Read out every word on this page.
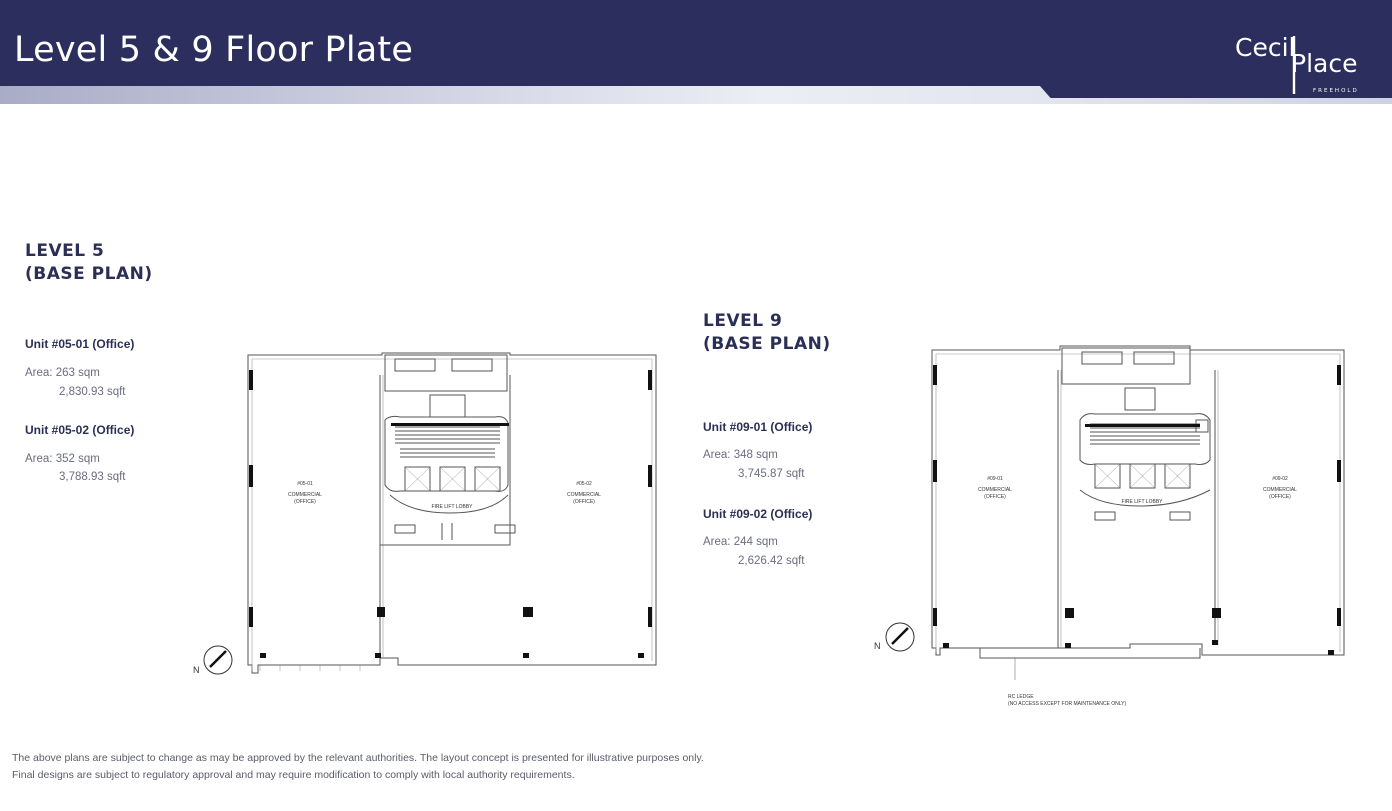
Level 5 & 9 Floor Plate	Cecil
Place
FREEHOLD
LEVEL 5
(BASE PLAN)
Unit #05-01 (Office)
Area: 263 sqm
2,830.93 sqft
Unit #05-02 (Office)
Area: 352 sqm
3,788.93 sqft
LEVEL 9
(BASE PLAN)
Unit #09-01 (Office)
Area: 348 sqm
3,745.87 sqft
Unit #09-02 (Office)
Area: 244 sqm
2,626.42 sqft
#05-01
COMMERCIAL
(OFFICE)
#05-02
COMMERCIAL
(OFFICE)
FIRE LIFT LOBBY
N
#09-01
COMMERCIAL
(OFFICE)
#09-02
COMMERCIAL
(OFFICE)
FIRE LIFT LOBBY
RC LEDGE
(NO ACCESS EXCEPT FOR MAINTENANCE ONLY)
N
The above plans are subject to change as may be approved by the relevant authorities. The layout concept is presented for illustrative purposes only.
Final designs are subject to regulatory approval and may require modification to comply with local authority requirements.
